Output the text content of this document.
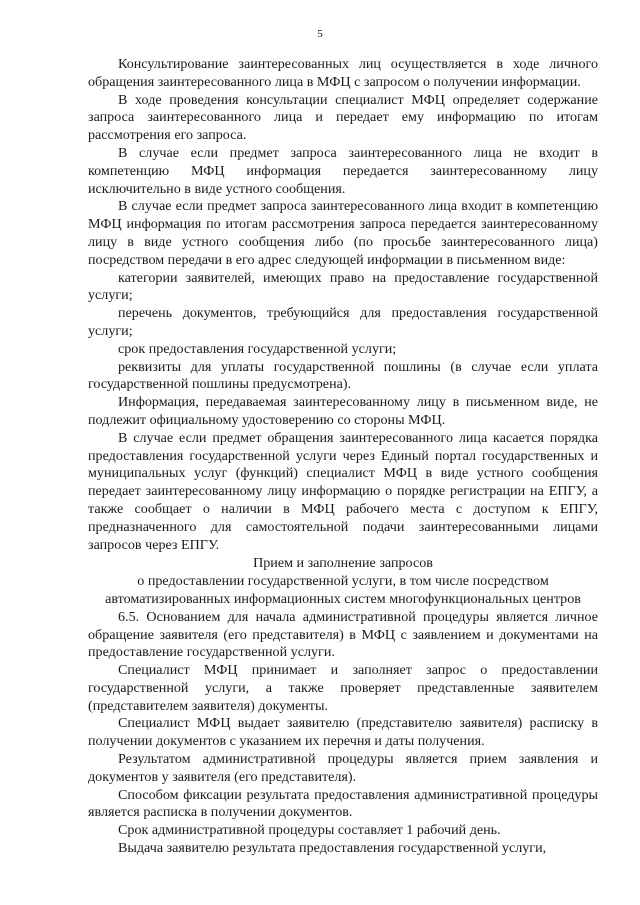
5

Консультирование заинтересованных лиц осуществляется в ходе личного обращения заинтересованного лица в МФЦ с запросом о получении информации.

В ходе проведения консультации специалист МФЦ определяет содержание запроса заинтересованного лица и передает ему информацию по итогам рассмотрения его запроса.

В случае если предмет запроса заинтересованного лица не входит в компетенцию МФЦ информация передается заинтересованному лицу исключительно в виде устного сообщения.

В случае если предмет запроса заинтересованного лица входит в компетенцию МФЦ информация по итогам рассмотрения запроса передается заинтересованному лицу в виде устного сообщения либо (по просьбе заинтересованного лица) посредством передачи в его адрес следующей информации в письменном виде:

категории заявителей, имеющих право на предоставление государственной услуги;

перечень документов, требующийся для предоставления государственной услуги;

срок предоставления государственной услуги;

реквизиты для уплаты государственной пошлины (в случае если уплата государственной пошлины предусмотрена).

Информация, передаваемая заинтересованному лицу в письменном виде, не подлежит официальному удостоверению со стороны МФЦ.

В случае если предмет обращения заинтересованного лица касается порядка предоставления государственной услуги через Единый портал государственных и муниципальных услуг (функций) специалист МФЦ в виде устного сообщения передает заинтересованному лицу информацию о порядке регистрации на ЕПГУ, а также сообщает о наличии в МФЦ рабочего места с доступом к ЕПГУ, предназначенного для самостоятельной подачи заинтересованными лицами запросов через ЕПГУ.

Прием и заполнение запросов

о предоставлении государственной услуги, в том числе посредством

автоматизированных информационных систем многофункциональных центров

6.5. Основанием для начала административной процедуры является личное обращение заявителя (его представителя) в МФЦ с заявлением и документами на предоставление государственной услуги.

Специалист МФЦ принимает и заполняет запрос о предоставлении государственной услуги, а также проверяет представленные заявителем (представителем заявителя) документы.

Специалист МФЦ выдает заявителю (представителю заявителя) расписку в получении документов с указанием их перечня и даты получения.

Результатом административной процедуры является прием заявления и документов у заявителя (его представителя).

Способом фиксации результата предоставления административной процедуры является расписка в получении документов.

Срок административной процедуры составляет 1 рабочий день.

Выдача заявителю результата предоставления государственной услуги,
